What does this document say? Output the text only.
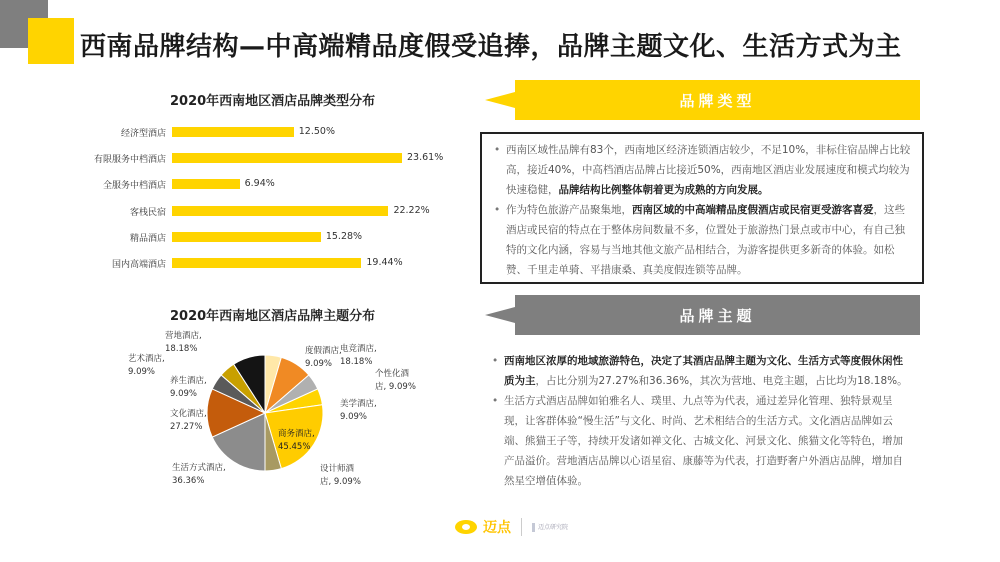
西南品牌结构—中高端精品度假受追捧，品牌主题文化、生活方式为主
2020年西南地区酒店品牌类型分布
经济型酒店	12.50%
有限服务中档酒店	23.61%
全服务中档酒店	6.94%
客栈民宿	22.22%
精品酒店	15.28%
国内高端酒店	19.44%
2020年西南地区酒店品牌主题分布
营地酒店,
18.18%
艺术酒店,
9.09%
养生酒店,
9.09%
文化酒店,
27.27%
生活方式酒店,
36.36%
度假酒店,
9.09%
电竞酒店,
18.18%
个性化酒
店, 9.09%
美学酒店,
9.09%
商务酒店,
45.45%
设计师酒
店, 9.09%
品牌类型
• 西南区域性品牌有83个，西南地区经济连锁酒店较少，不足10%，非标住宿品牌占比较高，接近40%，中高档酒店品牌占比接近50%，西南地区酒店业发展速度和模式均较为快速稳健，品牌结构比例整体朝着更为成熟的方向发展。
• 作为特色旅游产品聚集地，西南区域的中高端精品度假酒店或民宿更受游客喜爱，这些酒店或民宿的特点在于整体房间数量不多，位置处于旅游热门景点或市中心，有自己独特的文化内涵，容易与当地其他文旅产品相结合，为游客提供更多新奇的体验。如松赞、千里走单骑、平措康桑、真美度假连锁等品牌。
品牌主题
• 西南地区浓厚的地域旅游特色，决定了其酒店品牌主题为文化、生活方式等度假休闲性质为主，占比分别为27.27%和36.36%，其次为营地、电竞主题，占比均为18.18%。
• 生活方式酒店品牌如铂雅名人、璞里、九点等为代表，通过差异化管理、独特景观呈现，让客群体验“慢生活”与文化、时尚、艺术相结合的生活方式。文化酒店品牌如云端、熊猫王子等，持续开发诸如禅文化、古城文化、河景文化、熊猫文化等特色，增加产品溢价。营地酒店品牌以心语星宿、康藤等为代表，打造野奢户外酒店品牌，增加自然星空增值体验。
迈点	迈点研究院
